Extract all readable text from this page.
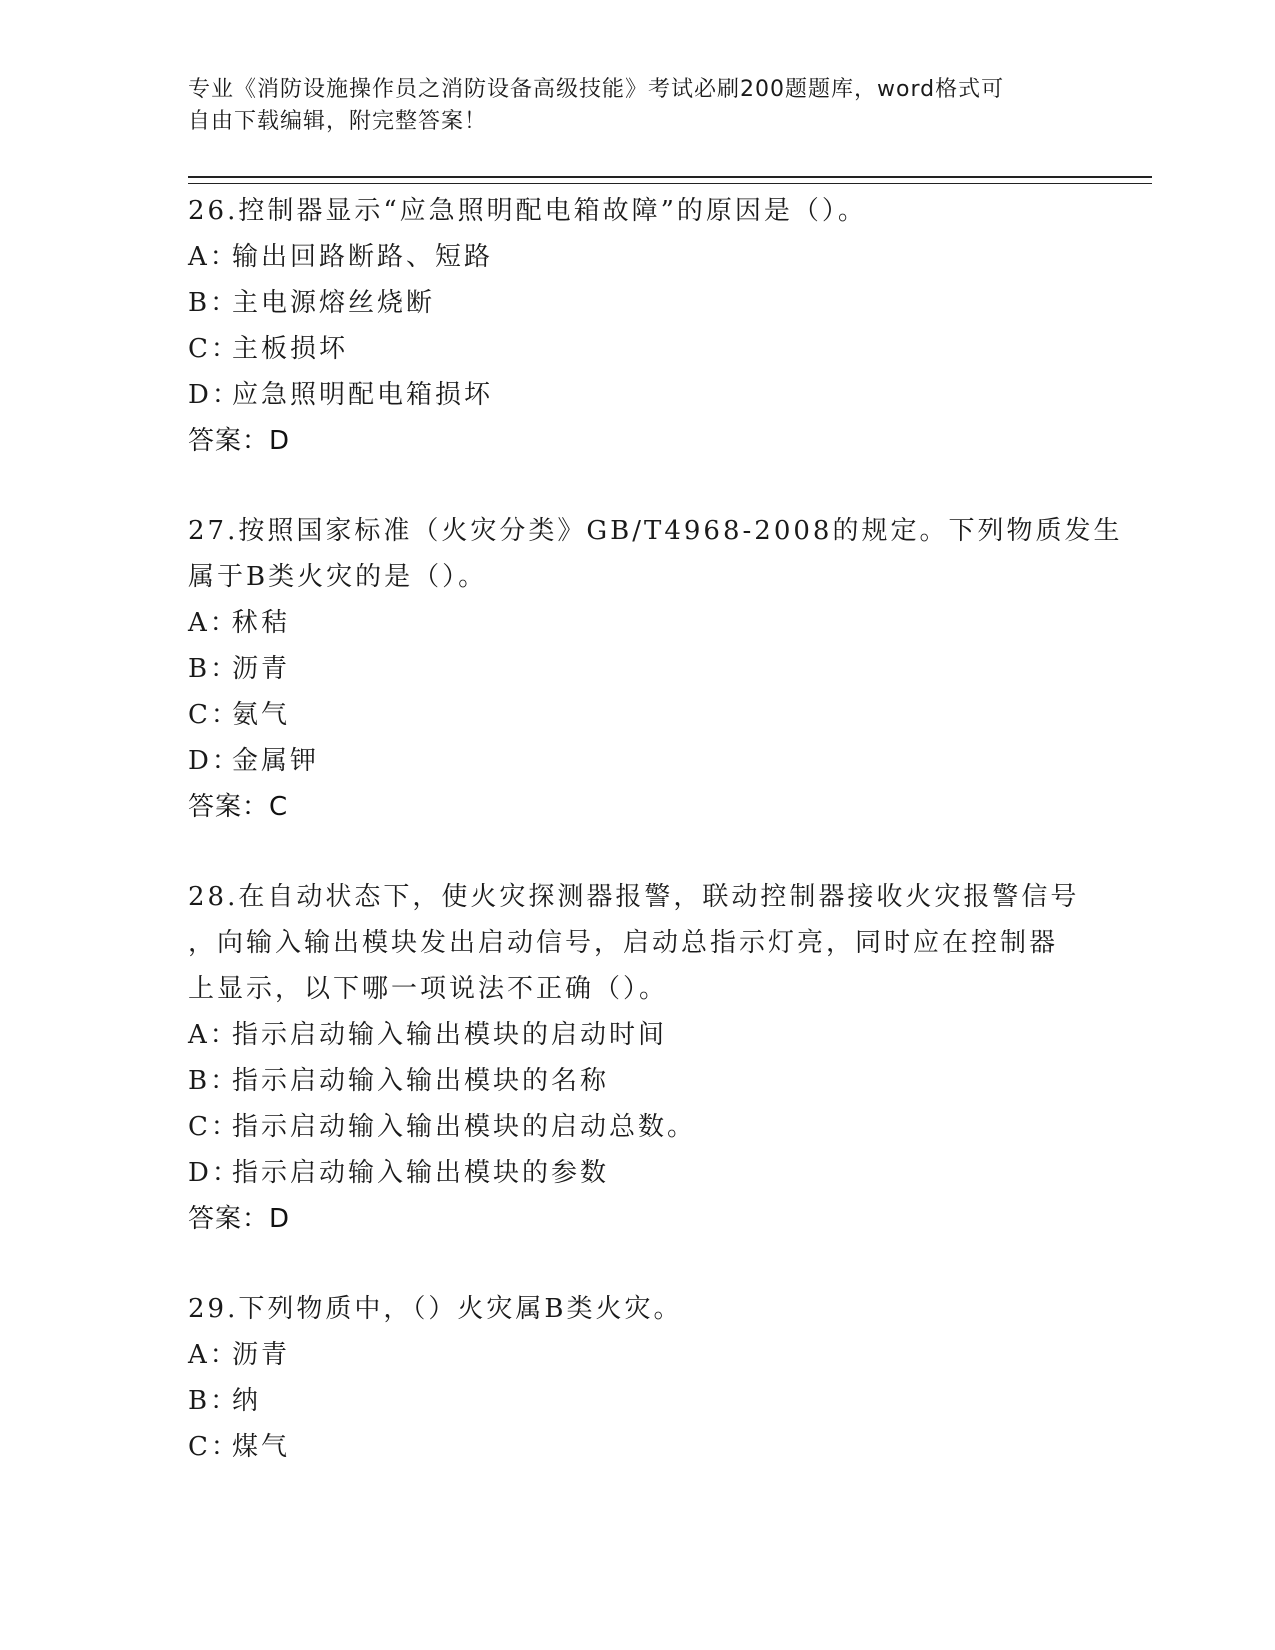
专业《消防设施操作员之消防设备高级技能》考试必刷200题题库，word格式可
自由下载编辑，附完整答案！
26.控制器显示“应急照明配电箱故障”的原因是（）。
A：输出回路断路、短路
B：主电源熔丝烧断
C：主板损坏
D：应急照明配电箱损坏
答案：D
27.按照国家标准（火灾分类》GB/T4968-2008的规定。下列物质发生
属于B类火灾的是（）。
A：秫秸
B：沥青
C：氨气
D：金属钾
答案：C
28.在自动状态下，使火灾探测器报警，联动控制器接收火灾报警信号
，向输入输出模块发出启动信号，启动总指示灯亮，同时应在控制器
上显示，以下哪一项说法不正确（）。
A：指示启动输入输出模块的启动时间
B：指示启动输入输出模块的名称
C：指示启动输入输出模块的启动总数。
D：指示启动输入输出模块的参数
答案：D
29.下列物质中，（）火灾属B类火灾。
A：沥青
B：纳
C：煤气
